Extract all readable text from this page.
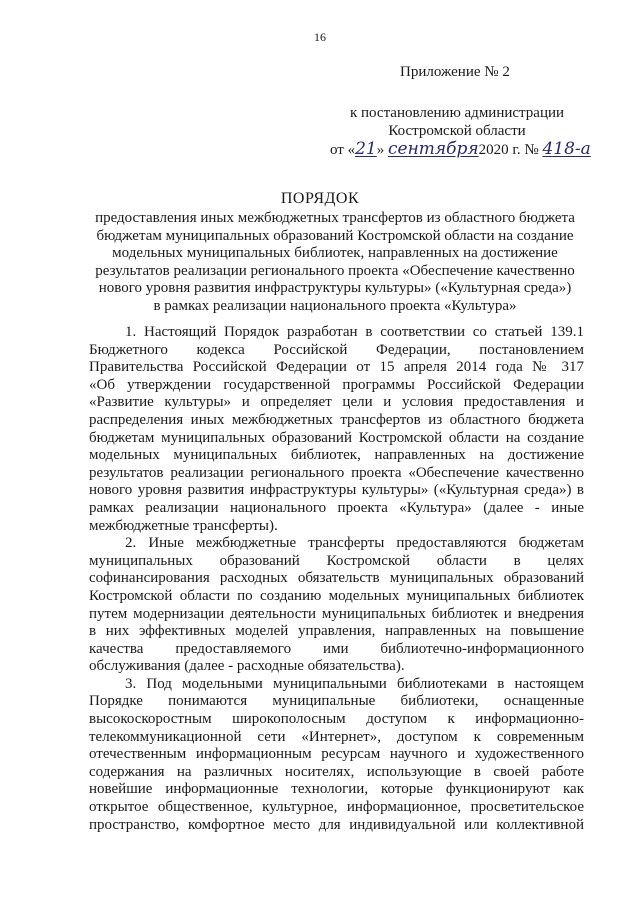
16
Приложение № 2
к постановлению администрации
Костромской области
от «21» сентября2020 г. № 418-а
ПОРЯДОК
предоставления иных межбюджетных трансфертов из областного бюджета
бюджетам муниципальных образований Костромской области на создание
модельных муниципальных библиотек, направленных на достижение
результатов реализации регионального проекта «Обеспечение качественно
нового уровня развития инфраструктуры культуры» («Культурная среда»)
в рамках реализации национального проекта «Культура»
1. Настоящий Порядок разработан в соответствии со статьей 139.1
Бюджетного кодекса Российской Федерации, постановлением
Правительства Российской Федерации от 15 апреля 2014 года № 317
«Об утверждении государственной программы Российской Федерации
«Развитие культуры» и определяет цели и условия предоставления и
распределения иных межбюджетных трансфертов из областного бюджета
бюджетам муниципальных образований Костромской области на создание
модельных муниципальных библиотек, направленных на достижение
результатов реализации регионального проекта «Обеспечение качественно
нового уровня развития инфраструктуры культуры» («Культурная среда») в
рамках реализации национального проекта «Культура» (далее - иные
межбюджетные трансферты).
2. Иные межбюджетные трансферты предоставляются бюджетам
муниципальных образований Костромской области в целях
софинансирования расходных обязательств муниципальных образований
Костромской области по созданию модельных муниципальных библиотек
путем модернизации деятельности муниципальных библиотек и внедрения
в них эффективных моделей управления, направленных на повышение
качества предоставляемого ими библиотечно-информационного
обслуживания (далее - расходные обязательства).
3. Под модельными муниципальными библиотеками в настоящем
Порядке понимаются муниципальные библиотеки, оснащенные
высокоскоростным широкополосным доступом к информационно-
телекоммуникационной сети «Интернет», доступом к современным
отечественным информационным ресурсам научного и художественного
содержания на различных носителях, использующие в своей работе
новейшие информационные технологии, которые функционируют как
открытое общественное, культурное, информационное, просветительское
пространство, комфортное место для индивидуальной или коллективной
